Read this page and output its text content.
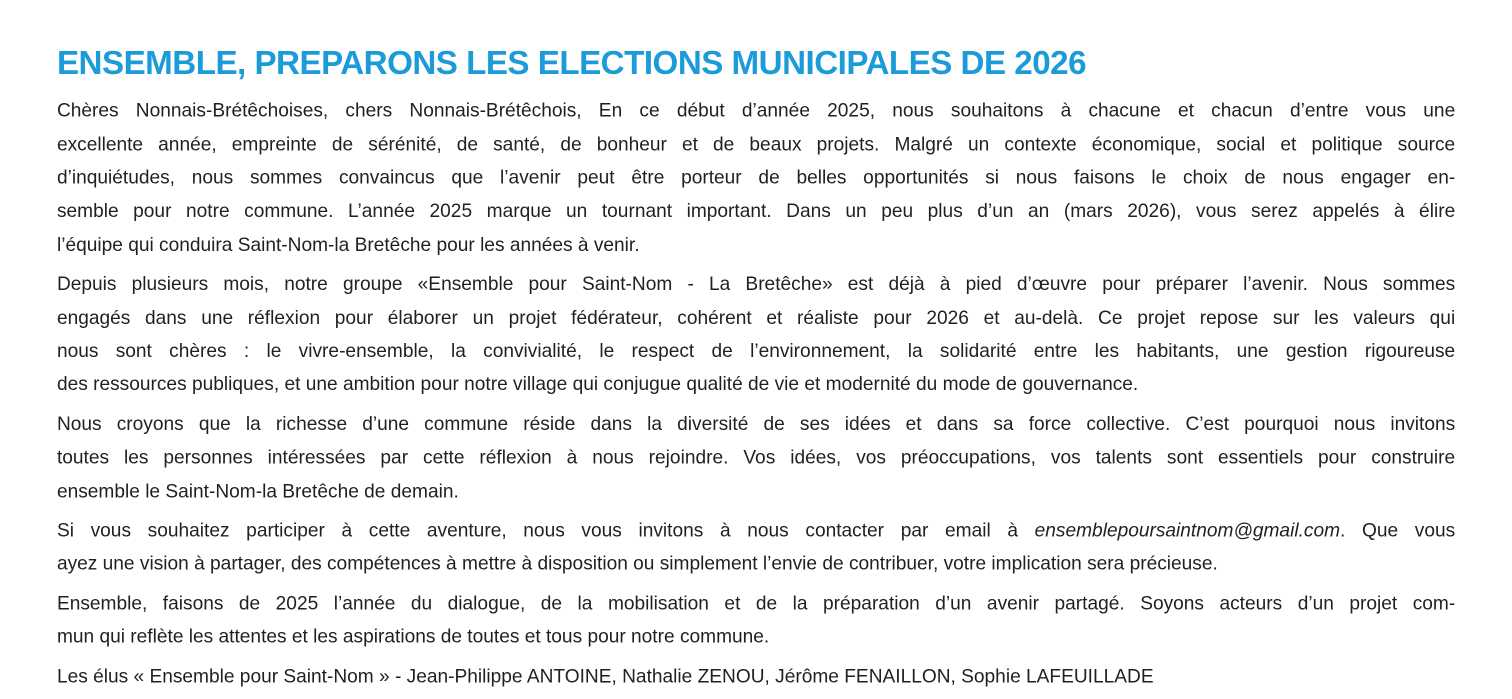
ENSEMBLE, PREPARONS LES ELECTIONS MUNICIPALES DE 2026
Chères Nonnais-Brétêchoises, chers Nonnais-Brétêchois, En ce début d’année 2025, nous souhaitons à chacune et chacun d’entre vous une
excellente année, empreinte de sérénité, de santé, de bonheur et de beaux projets. Malgré un contexte économique, social et politique source
d’inquiétudes, nous sommes convaincus que l’avenir peut être porteur de belles opportunités si nous faisons le choix de nous engager en-
semble pour notre commune. L’année 2025 marque un tournant important. Dans un peu plus d’un an (mars 2026), vous serez appelés à élire
l’équipe qui conduira Saint-Nom-la Bretêche pour les années à venir.
Depuis plusieurs mois, notre groupe «Ensemble pour Saint-Nom - La Bretêche» est déjà à pied d’œuvre pour préparer l’avenir. Nous sommes
engagés dans une réflexion pour élaborer un projet fédérateur, cohérent et réaliste pour 2026 et au-delà. Ce projet repose sur les valeurs qui
nous sont chères : le vivre-ensemble, la convivialité, le respect de l’environnement, la solidarité entre les habitants, une gestion rigoureuse
des ressources publiques, et une ambition pour notre village qui conjugue qualité de vie et modernité du mode de gouvernance.
Nous croyons que la richesse d’une commune réside dans la diversité de ses idées et dans sa force collective. C’est pourquoi nous invitons
toutes les personnes intéressées par cette réflexion à nous rejoindre. Vos idées, vos préoccupations, vos talents sont essentiels pour construire
ensemble le Saint-Nom-la Bretêche de demain.
Si vous souhaitez participer à cette aventure, nous vous invitons à nous contacter par email à ensemblepoursaintnom@gmail.com. Que vous
ayez une vision à partager, des compétences à mettre à disposition ou simplement l’envie de contribuer, votre implication sera précieuse.
Ensemble, faisons de 2025 l’année du dialogue, de la mobilisation et de la préparation d’un avenir partagé. Soyons acteurs d’un projet com-
mun qui reflète les attentes et les aspirations de toutes et tous pour notre commune.
Les élus « Ensemble pour Saint-Nom » - Jean-Philippe ANTOINE, Nathalie ZENOU, Jérôme FENAILLON, Sophie LAFEUILLADE
